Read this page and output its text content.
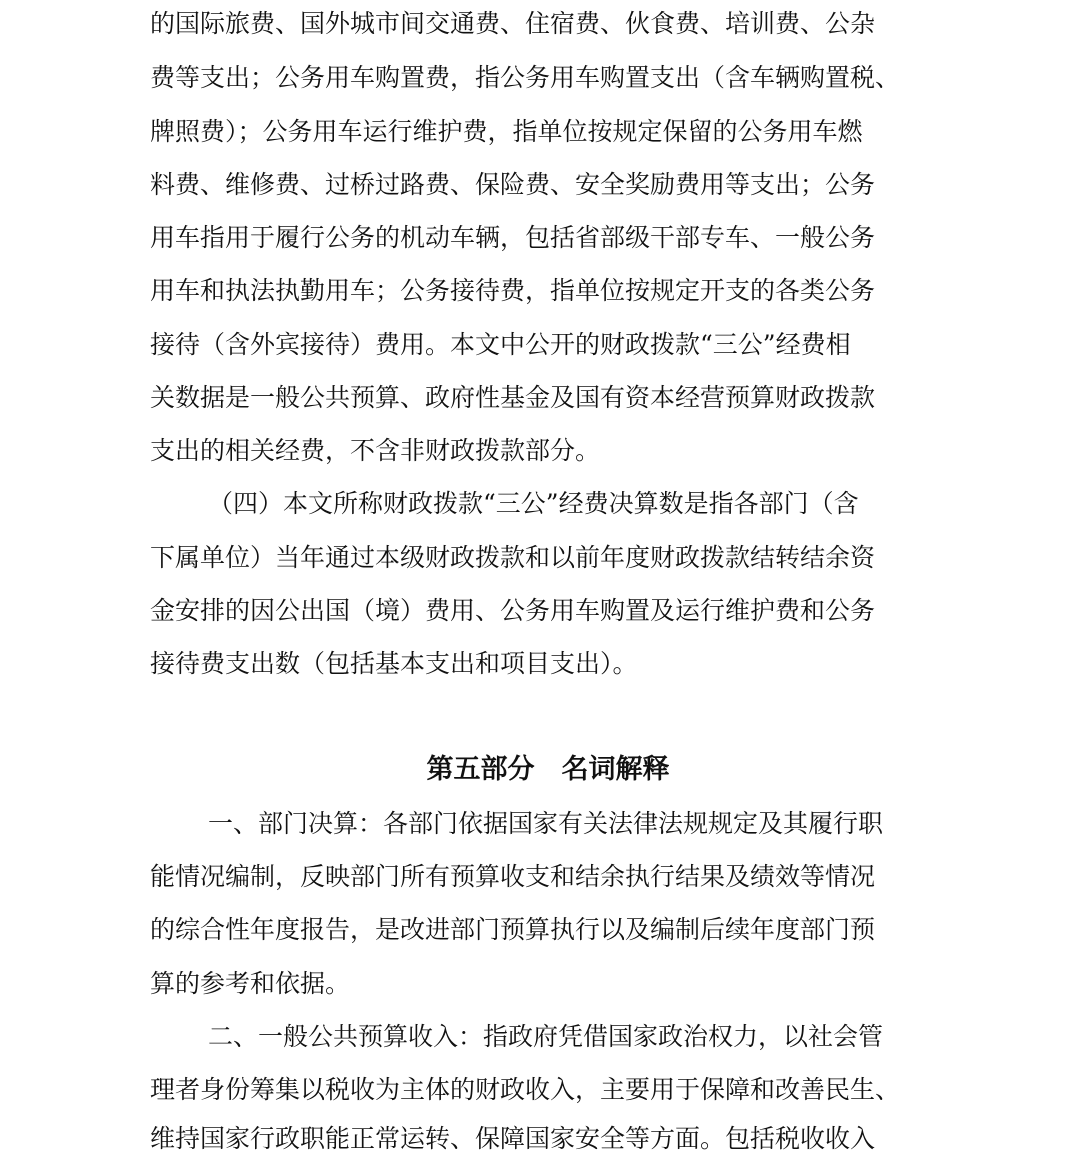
的国际旅费、国外城市间交通费、住宿费、伙食费、培训费、公杂
费等支出；公务用车购置费，指公务用车购置支出（含车辆购置税、
牌照费）；公务用车运行维护费，指单位按规定保留的公务用车燃
料费、维修费、过桥过路费、保险费、安全奖励费用等支出；公务
用车指用于履行公务的机动车辆，包括省部级干部专车、一般公务
用车和执法执勤用车；公务接待费，指单位按规定开支的各类公务
接待（含外宾接待）费用。本文中公开的财政拨款“三公”经费相
关数据是一般公共预算、政府性基金及国有资本经营预算财政拨款
支出的相关经费，不含非财政拨款部分。
（四）本文所称财政拨款“三公”经费决算数是指各部门（含
下属单位）当年通过本级财政拨款和以前年度财政拨款结转结余资
金安排的因公出国（境）费用、公务用车购置及运行维护费和公务
接待费支出数（包括基本支出和项目支出）。
第五部分　名词解释
一、部门决算：各部门依据国家有关法律法规规定及其履行职
能情况编制，反映部门所有预算收支和结余执行结果及绩效等情况
的综合性年度报告，是改进部门预算执行以及编制后续年度部门预
算的参考和依据。
二、一般公共预算收入：指政府凭借国家政治权力，以社会管
理者身份筹集以税收为主体的财政收入，主要用于保障和改善民生、
维持国家行政职能正常运转、保障国家安全等方面。包括税收收入
